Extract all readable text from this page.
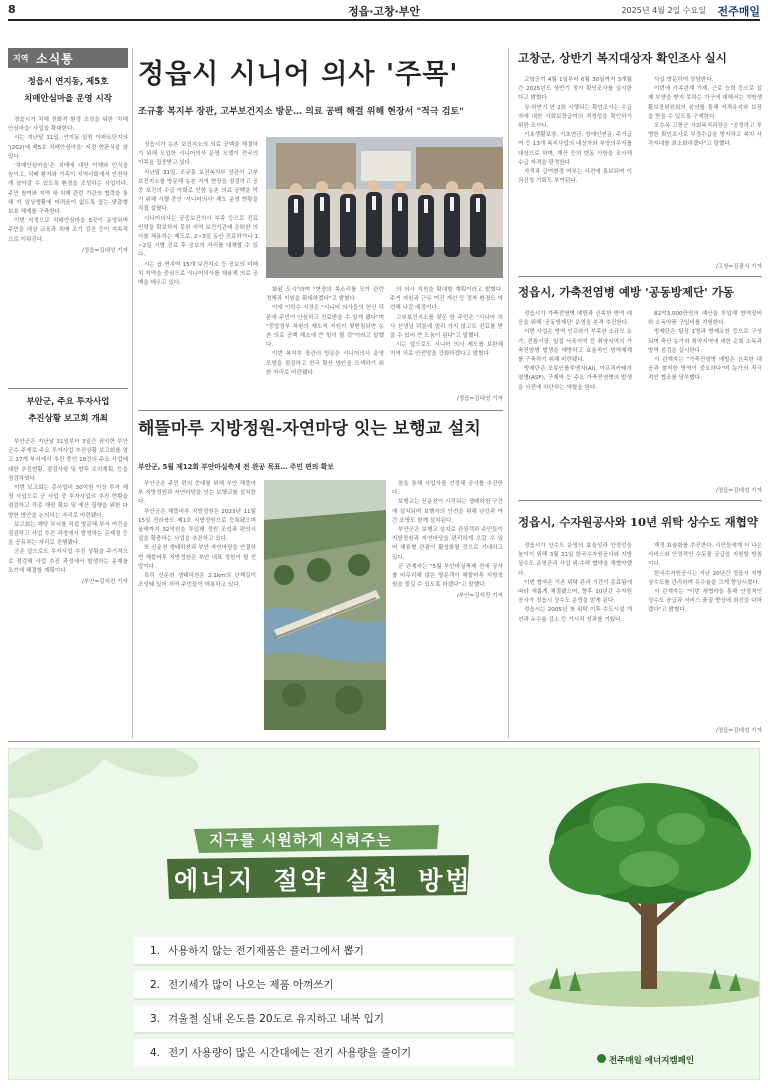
8	정읍·고창·부안	2025년 4월 2일 수요일 전주매일
지역 소식통
정읍시 연지동, 제5호
치매안심마을 운영 시작

정읍시가 치매 친화적 환경 조성을 위한 '치매안심마을' 사업을 확대한다.

시는 지난달 31일, 연지동 일원 아파트단지의 '(202)에 제5호 치매안심마을' 지정 현판식을 열었다.

'치매안심마을'은 치매에 대한 이해와 인식을 높이고, 치매 환자와 가족이 지역사회에서 안전하게 살아갈 수 있도록 환경을 조성하는 사업이다. 주민 참여와 지역 내 치매 관련 기관의 협력을 통해 이 일상생활에 어려움이 없도록 돕는 맞춤형 보호 체계를 구축한다.

이번 지정으로 치매안심마을 5곳이 운영되며 주민들 대상 교육과 치매 조기 검진 등이 지속적으로 이뤄진다.

/정읍=김대성 기자
부안군, 주요 투자사업
추진상황 보고회 개최

부안군은 지난달 31일부터 3일간 권익현 부안군수 주재로 주요 투자사업 추진상황 보고회를 열고 17개 부서에서 추진 중인 18건의 주요 사업에 대한 추진현황, 점검사항 및 향후 조치계획, 등을 점검하였다.

이번 보고회는 총사업비 30억원 이상 투자 예정 사업으로 군 사업 중 투자사업의 추진 현황을 점검하고 각종 재원 확보 및 예산 집행을 위한 다양한 방안을 논의하는 자리로 마련됐다.

보고회는 해당 부서를 직접 방문해 부서 여건을 점검하고 사업 추진 과정에서 발생하는 문제점 등을 공유하는 자리로 진행됐다.

군은 앞으로도 투자사업 추진 상황을 주기적으로 점검해 사업 추진 과정에서 발생하는 문제를 조기에 해결할 계획이다.

/부안=김석진 기자
정읍시 시니어 의사 '주목'
조규홍 복지부 장관, 고부보건지소 방문… 의료 공백 해결 위해 현장서 "적극 검토"

정읍시가 농촌 보건지소의 의료 공백을 해결하기 위해 도입한 시니어의사 운영 모델이 전국의 이목을 집중받고 있다.

지난달 31일, 조규홍 보건복지부 장관이 고부보건지소를 방문해 농촌 지역 현장을 점검하고 공중 보건의 수급 악화로 인한 농촌 의료 공백을 막기 위해 시행 중인 '시니어의사' 제도 운영 현황을 직접 살폈다.

시니어의사는 공중보건의사 부족 등으로 진료 인력을 확보하지 못한 지역 보건기관에 은퇴한 의사를 채용하는 제도로, 2~3일 동안 진료하거나 1~2일 시범 진료 후 공보의 자리를 대체할 수 있다.

시는 읍·면지역 15개 보건지소 등 공보의 미배치 지역을 중심으로 시니어의사를 채용해 의료 공백을 메우고 있다.

화된 도시"라며 "현장의 목소리를 모아 관련 정책과 지원을 확대하겠다"고 밝혔다.

이에 이학수 시장은 "시니어 의사들의 헌신 덕분에 주민이 안심하고 진료받을 수 있게 됐다"며 "중앙정부 차원의 제도적 지원이 뒷받침되면 농촌 의료 공백 해소에 큰 힘이 될 것"이라고 말했다.

이번 복지부 장관의 방문은 시니어의사 운영 모델을 점검하고 전국 확산 방안을 모색하기 위한 자리로 마련됐다.

의 의사 지원을 확대할 계획이라고 밝혔다. 주거 지원과 근무 여건 개선 등 정착 환경도 마련해 나갈 예정이다.

고부보건지소를 찾은 한 주민은 "시니어 의사 선생님 덕분에 멀리 가지 않고도 진료를 받을 수 있어 큰 도움이 된다"고 말했다.

시는 앞으로도 시니어 의사 제도를 보완해 지역 의료 안전망을 강화하겠다고 밝혔다.

/정읍=김대성 기자
해뜰마루 지방정원-자연마당 잇는 보행교 설치
부안군, 5월 제12회 부안마실축제 전 완공 목표… 주민 편의 확보

부안군은 주민 편의 증대를 위해 부안 해뜰마루 지방정원과 자연마당을 잇는 보행교를 설치한다.

부안군은 해뜰마루 지방정원은 2023년 11월 15일 전라북도 제1호 지방정원으로 등록됐으며 올해까지 32억원을 투입해 정원 조성과 편의시설을 확충하는 사업을 추진하고 있다.

또 신운천 생태하천과 부안 자연마당을 연결하면 해뜰마루 지방정원은 부안 대표 정원이 될 전망이다.

특히 신운천 생태하천은 2.1km의 산책길이 조성돼 있어 지역 주민들이 애용하고 있다.

참을 통해 사업자를 선정해 공사를 추진한다.

보행교는 신운천이 시작되는 생태하천 구간에 설치되며 보행자의 안전을 위해 난간과 야간 조명도 함께 설치된다.

부안군은 보행교 설치로 관광객과 주민들이 지방정원과 자연마당을 편리하게 오갈 수 있어 체류형 관광이 활성화될 것으로 기대하고 있다.

군 관계자는 "5월 부안마실축제 전에 공사를 마무리해 많은 방문객이 해뜰마루 지방정원을 즐길 수 있도록 하겠다"고 말했다.

/부안=김석진 기자
고창군, 상반기 복지대상자 확인조사 실시

고창군이 4월 1일부터 6월 30일까지 3개월 간 2025년도 상반기 정기 확인조사를 실시한다고 밝혔다.

상·하반기 연 2회 시행되는 확인조사는 수급자에 대한 사회보장급여의 적정성을 확인하기 위한 조사다.

기초생활보장, 기초연금, 장애인연금, 주거급여 등 13개 복지사업의 대상자와 부양의무자를 대상으로 하며, 재산 등의 변동 사항을 조사해 수급 자격을 판정한다.

자격과 급여변경 여부는 사전에 통보되며 이의신청 기회도 부여된다.

사실 방문하여 상담한다.

이번에 가족관계 기재, 근로 능력 등으로 실제 부양을 받지 못하는 가구에 대해서는 지방생활보장위원회의 심의를 통해 자격유지와 보장을 받을 수 있도록 구제한다.

오수옥 고창군 사회복지과장은 "공정하고 투명한 확인조사로 부정수급을 방지하고 복지 사각지대를 최소화하겠다"고 말했다.

/고창=김광식 기자
정읍시, 가축전염병 예방 '공동방제단' 가동

정읍시가 가축전염병 예방과 신속한 방역 대응을 위해 '공동방제단' 운영을 본격 추진한다.

이번 사업은 방역 인프라가 부족한 소규모 농가, 전통시장, 밀집 사육지역 등 취약지역의 가축전염병 발생을 예방하고 효율적인 방역체계를 구축하기 위해 마련됐다.

방제단은 조류인플루엔자(AI), 아프리카돼지열병(ASF), 구제역 등 주요 가축전염병의 발생을 사전에 차단하는 역할을 한다.

82억3,000만원의 예산을 투입해 방역장비와 소독약품 구입비를 지원한다.

방제단은 팀장 1명과 방제요원 등으로 구성되며 축산 농가와 취약지역에 대한 순회 소독과 방역 점검을 실시한다.

시 관계자는 "가축전염병 예방은 신속한 대응과 철저한 방역이 중요하다"며 농가의 적극적인 협조를 당부했다.

/정읍=김대성 기자
정읍시, 수자원공사와 10년 위탁 상수도 재협약

정읍시가 상수도 운영의 효율성과 안정성을 높이기 위해 3월 31일 한국수자원공사와 지방상수도 운영관리 사업 위·수탁 협약을 재협약했다.

이번 협약은 기존 위탁 관리 기간이 종료됨에 따라 새롭게 체결됐으며, 향후 10년간 수자원공사가 정읍시 상수도 운영을 맡게 된다.

정읍시는 2005년 첫 위탁 이후 수도시설 개선과 누수율 감소 등 가시적 성과를 거뒀다.

재정 효율화를 추진한다. 시민들에게 더 나은 서비스와 안정적인 수돗물 공급을 지원할 방침이다.

한국수자원공사는 지난 20년간 정읍시 지방상수도를 관리하며 유수율을 크게 향상시켰다.

시 관계자는 "이번 재협약을 통해 안정적인 상수도 공급과 서비스 품질 향상에 최선을 다하겠다"고 밝혔다.

/정읍=김대성 기자
지구를 시원하게 식혀주는
에너지 절약 실천 방법
1. 사용하지 않는 전기제품은 플러그에서 뽑기
2. 전기세가 많이 나오는 제품 아껴쓰기
3. 겨울철 실내 온도를 20도로 유지하고 내복 입기
4. 전기 사용량이 많은 시간대에는 전기 사용량을 줄이기
전주매일 에너지캠페인
